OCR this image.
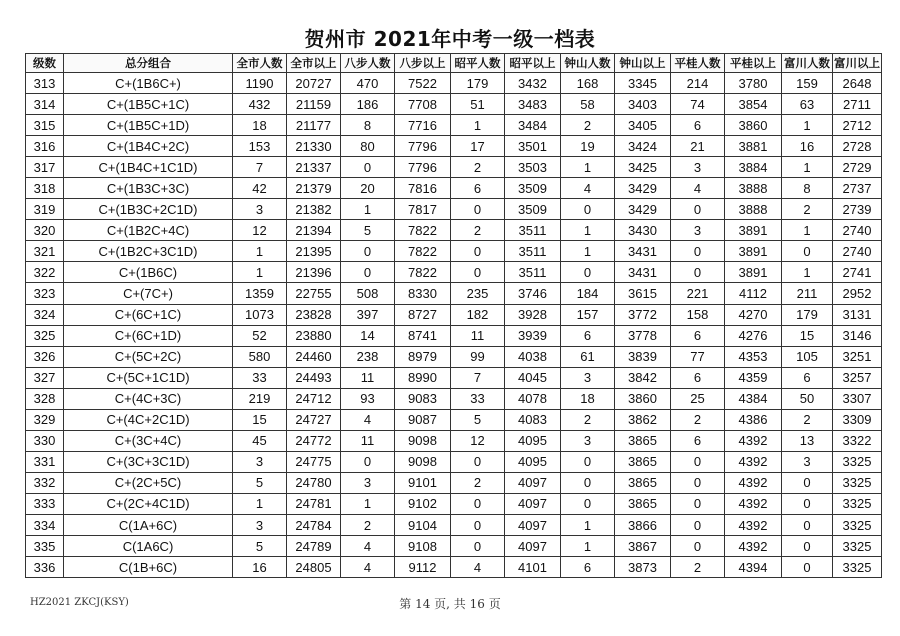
贺州市 2021年中考一级一档表
级数	总分组合	全市人数	全市以上	八步人数	八步以上	昭平人数	昭平以上	钟山人数	钟山以上	平桂人数	平桂以上	富川人数	富川以上
313	C+(1B6C+)	1190	20727	470	7522	179	3432	168	3345	214	3780	159	2648
314	C+(1B5C+1C)	432	21159	186	7708	51	3483	58	3403	74	3854	63	2711
315	C+(1B5C+1D)	18	21177	8	7716	1	3484	2	3405	6	3860	1	2712
316	C+(1B4C+2C)	153	21330	80	7796	17	3501	19	3424	21	3881	16	2728
317	C+(1B4C+1C1D)	7	21337	0	7796	2	3503	1	3425	3	3884	1	2729
318	C+(1B3C+3C)	42	21379	20	7816	6	3509	4	3429	4	3888	8	2737
319	C+(1B3C+2C1D)	3	21382	1	7817	0	3509	0	3429	0	3888	2	2739
320	C+(1B2C+4C)	12	21394	5	7822	2	3511	1	3430	3	3891	1	2740
321	C+(1B2C+3C1D)	1	21395	0	7822	0	3511	1	3431	0	3891	0	2740
322	C+(1B6C)	1	21396	0	7822	0	3511	0	3431	0	3891	1	2741
323	C+(7C+)	1359	22755	508	8330	235	3746	184	3615	221	4112	211	2952
324	C+(6C+1C)	1073	23828	397	8727	182	3928	157	3772	158	4270	179	3131
325	C+(6C+1D)	52	23880	14	8741	11	3939	6	3778	6	4276	15	3146
326	C+(5C+2C)	580	24460	238	8979	99	4038	61	3839	77	4353	105	3251
327	C+(5C+1C1D)	33	24493	11	8990	7	4045	3	3842	6	4359	6	3257
328	C+(4C+3C)	219	24712	93	9083	33	4078	18	3860	25	4384	50	3307
329	C+(4C+2C1D)	15	24727	4	9087	5	4083	2	3862	2	4386	2	3309
330	C+(3C+4C)	45	24772	11	9098	12	4095	3	3865	6	4392	13	3322
331	C+(3C+3C1D)	3	24775	0	9098	0	4095	0	3865	0	4392	3	3325
332	C+(2C+5C)	5	24780	3	9101	2	4097	0	3865	0	4392	0	3325
333	C+(2C+4C1D)	1	24781	1	9102	0	4097	0	3865	0	4392	0	3325
334	C(1A+6C)	3	24784	2	9104	0	4097	1	3866	0	4392	0	3325
335	C(1A6C)	5	24789	4	9108	0	4097	1	3867	0	4392	0	3325
336	C(1B+6C)	16	24805	4	9112	4	4101	6	3873	2	4394	0	3325
HZ2021 ZKCJ(KSY)	第 14 页, 共 16 页
